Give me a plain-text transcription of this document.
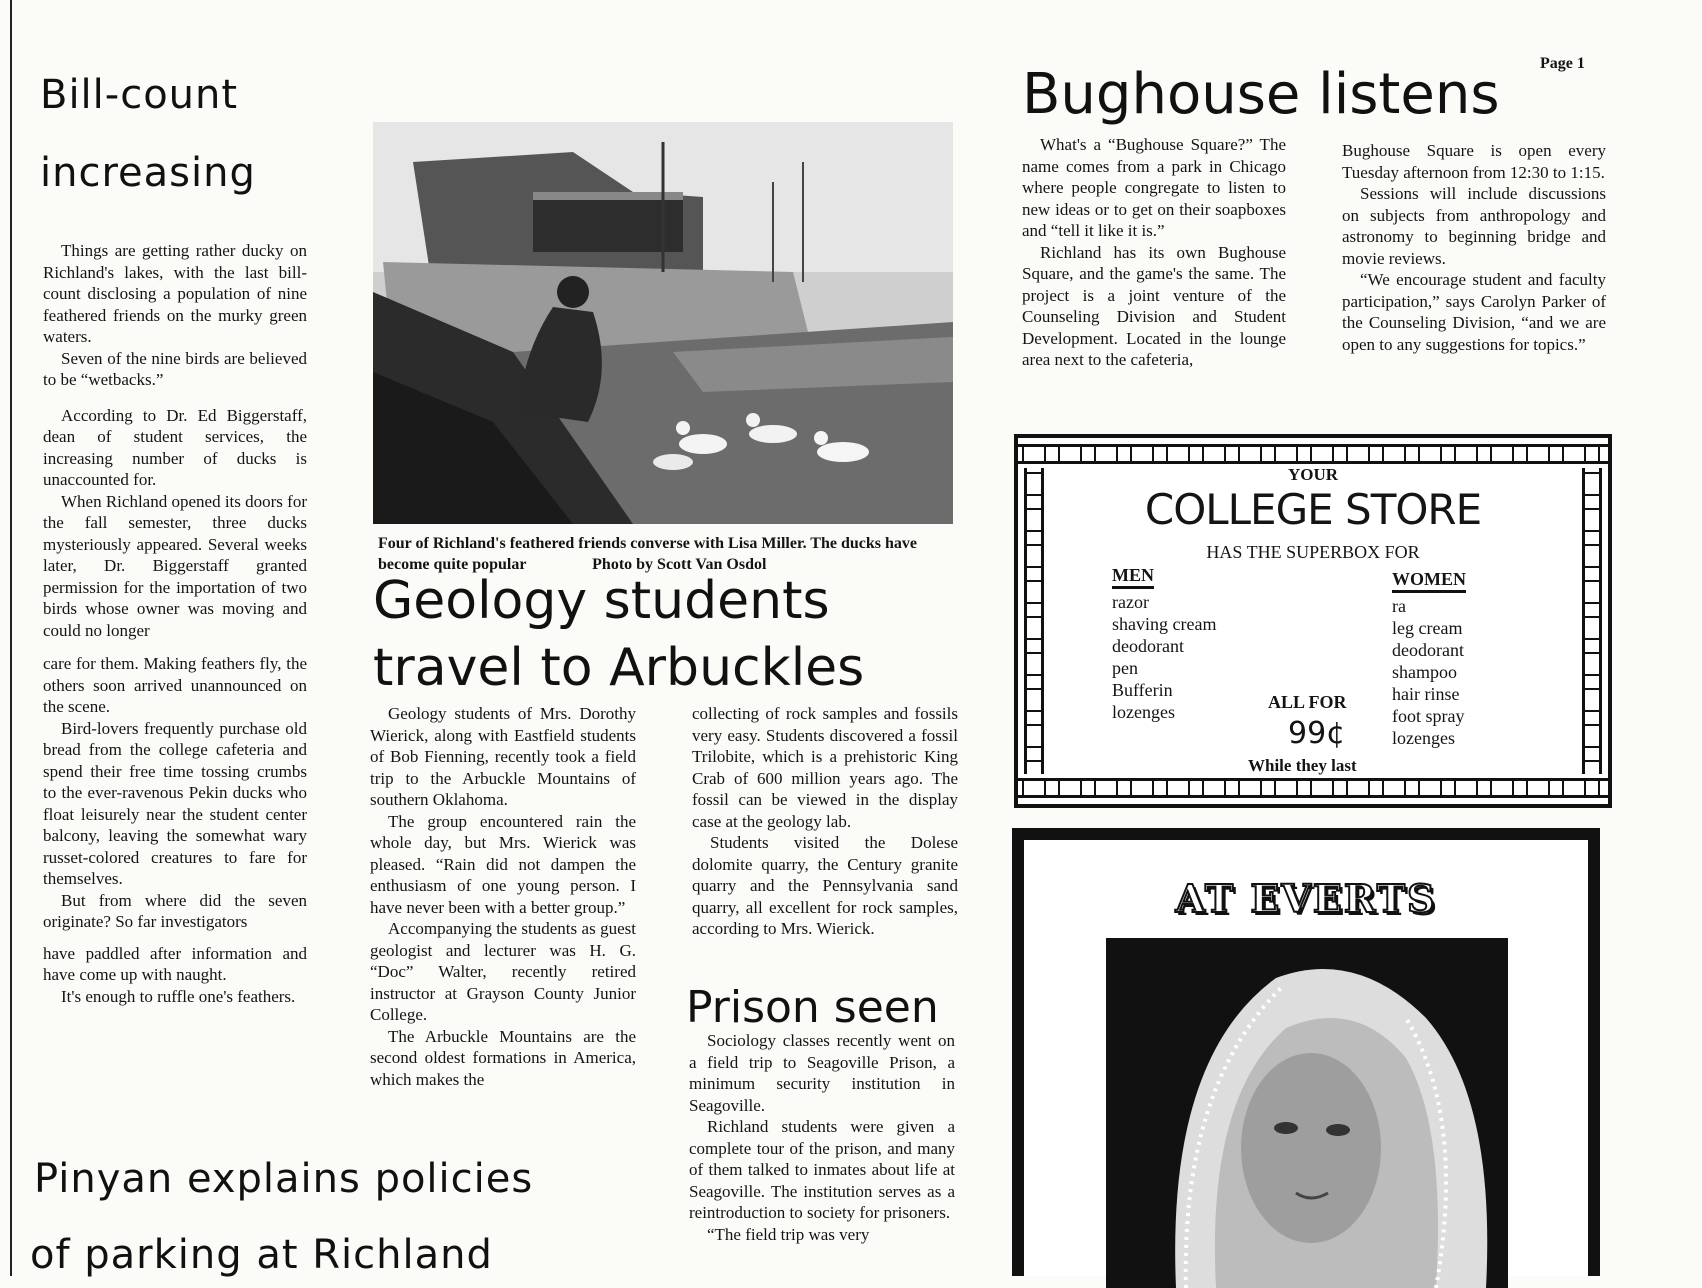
Page 1
Bill-count
increasing

Things are getting rather ducky on Richland's lakes, with the last bill-count disclosing a population of nine feathered friends on the murky green waters.

Seven of the nine birds are believed to be “wetbacks.”

According to Dr. Ed Biggerstaff, dean of student services, the increasing number of ducks is unaccounted for.

When Richland opened its doors for the fall semester, three ducks mysteriously appeared. Several weeks later, Dr. Biggerstaff granted permission for the importation of two birds whose owner was moving and could no longer

care for them. Making feathers fly, the others soon arrived unannounced on the scene.

Bird-lovers frequently purchase old bread from the college cafeteria and spend their free time tossing crumbs to the ever-ravenous Pekin ducks who float leisurely near the student center balcony, leaving the somewhat wary russet-colored creatures to fare for themselves.

But from where did the seven originate? So far investigators

have paddled after information and have come up with naught.

It's enough to ruffle one's feathers.

Four of Richland's feathered friends converse with Lisa Miller. The ducks have become quite popular	Photo by Scott Van Osdol
Geology students
travel to Arbuckles

Geology students of Mrs. Dorothy Wierick, along with Eastfield students of Bob Fienning, recently took a field trip to the Arbuckle Mountains of southern Oklahoma.

The group encountered rain the whole day, but Mrs. Wierick was pleased. “Rain did not dampen the enthusiasm of one young person. I have never been with a better group.”

Accompanying the students as guest geologist and lecturer was H. G. “Doc” Walter, recently retired instructor at Grayson County Junior College.

The Arbuckle Mountains are the second oldest formations in America, which makes the

collecting of rock samples and fossils very easy. Students discovered a fossil Trilobite, which is a prehistoric King Crab of 600 million years ago. The fossil can be viewed in the display case at the geology lab.

Students visited the Dolese dolomite quarry, the Century granite quarry and the Pennsylvania sand quarry, all excellent for rock samples, according to Mrs. Wierick.

Prison seen

Sociology classes recently went on a field trip to Seagoville Prison, a minimum security institution in Seagoville.

Richland students were given a complete tour of the prison, and many of them talked to inmates about life at Seagoville. The institution serves as a reintroduction to society for prisoners.

“The field trip was very

Pinyan explains policies
of parking at Richland
Bughouse listens

What's a “Bughouse Square?” The name comes from a park in Chicago where people congregate to listen to new ideas or to get on their soapboxes and “tell it like it is.”

Richland has its own Bughouse Square, and the game's the same. The project is a joint venture of the Counseling Division and Student Development. Located in the lounge area next to the cafeteria,

Bughouse Square is open every Tuesday afternoon from 12:30 to 1:15.

Sessions will include discussions on subjects from anthropology and astronomy to beginning bridge and movie reviews.

“We encourage student and faculty participation,” says Carolyn Parker of the Counseling Division, “and we are open to any suggestions for topics.”

YOUR
COLLEGE STORE
HAS THE SUPERBOX FOR
MEN
razor
shaving cream
deodorant
pen
Bufferin
lozenges
WOMEN
ra
leg cream
deodorant
shampoo
hair rinse
foot spray
lozenges
ALL FOR
99¢
While they last
AT EVERTS
